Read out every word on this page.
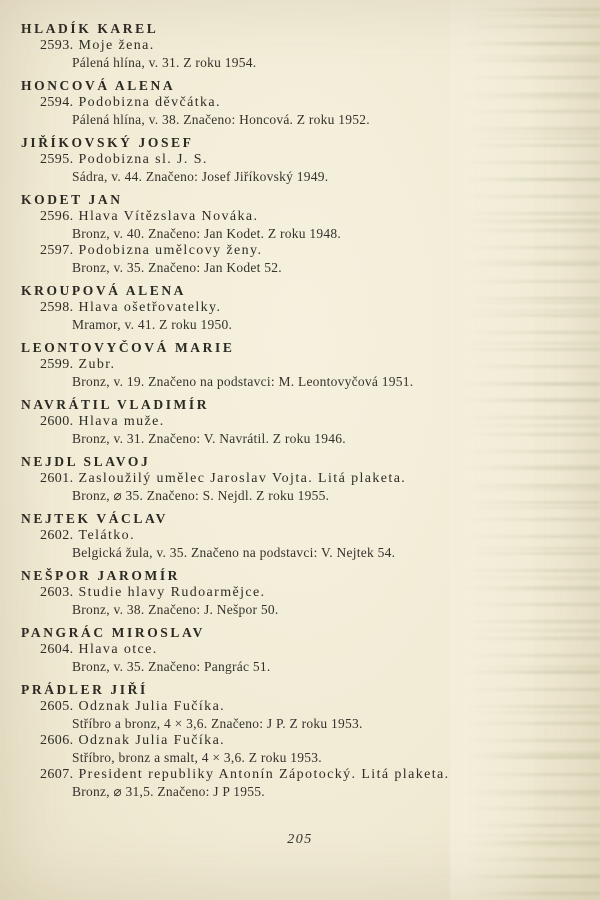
HLADÍK KAREL
2593. Moje žena.
Pálená hlína, v. 31. Z roku 1954.
HONCOVÁ ALENA
2594. Podobizna děvčátka.
Pálená hlína, v. 38. Značeno: Honcová. Z roku 1952.
JIŘÍKOVSKÝ JOSEF
2595. Podobizna sl. J. S.
Sádra, v. 44. Značeno: Josef Jiříkovský 1949.
KODET JAN
2596. Hlava Vítězslava Nováka.
Bronz, v. 40. Značeno: Jan Kodet. Z roku 1948.
2597. Podobizna umělcovy ženy.
Bronz, v. 35. Značeno: Jan Kodet 52.
KROUPOVÁ ALENA
2598. Hlava ošetřovatelky.
Mramor, v. 41. Z roku 1950.
LEONTOVYČOVÁ MARIE
2599. Zubr.
Bronz, v. 19. Značeno na podstavci: M. Leontovyčová 1951.
NAVRÁTIL VLADIMÍR
2600. Hlava muže.
Bronz, v. 31. Značeno: V. Navrátil. Z roku 1946.
NEJDL SLAVOJ
2601. Zasloužilý umělec Jaroslav Vojta. Litá plaketa.
Bronz, ⌀ 35. Značeno: S. Nejdl. Z roku 1955.
NEJTEK VÁCLAV
2602. Telátko.
Belgická žula, v. 35. Značeno na podstavci: V. Nejtek 54.
NEŠPOR JAROMÍR
2603. Studie hlavy Rudoarmějce.
Bronz, v. 38. Značeno: J. Nešpor 50.
PANGRÁC MIROSLAV
2604. Hlava otce.
Bronz, v. 35. Značeno: Pangrác 51.
PRÁDLER JIŘÍ
2605. Odznak Julia Fučíka.
Stříbro a bronz, 4 × 3,6. Značeno: J P. Z roku 1953.
2606. Odznak Julia Fučíka.
Stříbro, bronz a smalt, 4 × 3,6. Z roku 1953.
2607. President republiky Antonín Zápotocký. Litá plaketa.
Bronz, ⌀ 31,5. Značeno: J P 1955.
205
